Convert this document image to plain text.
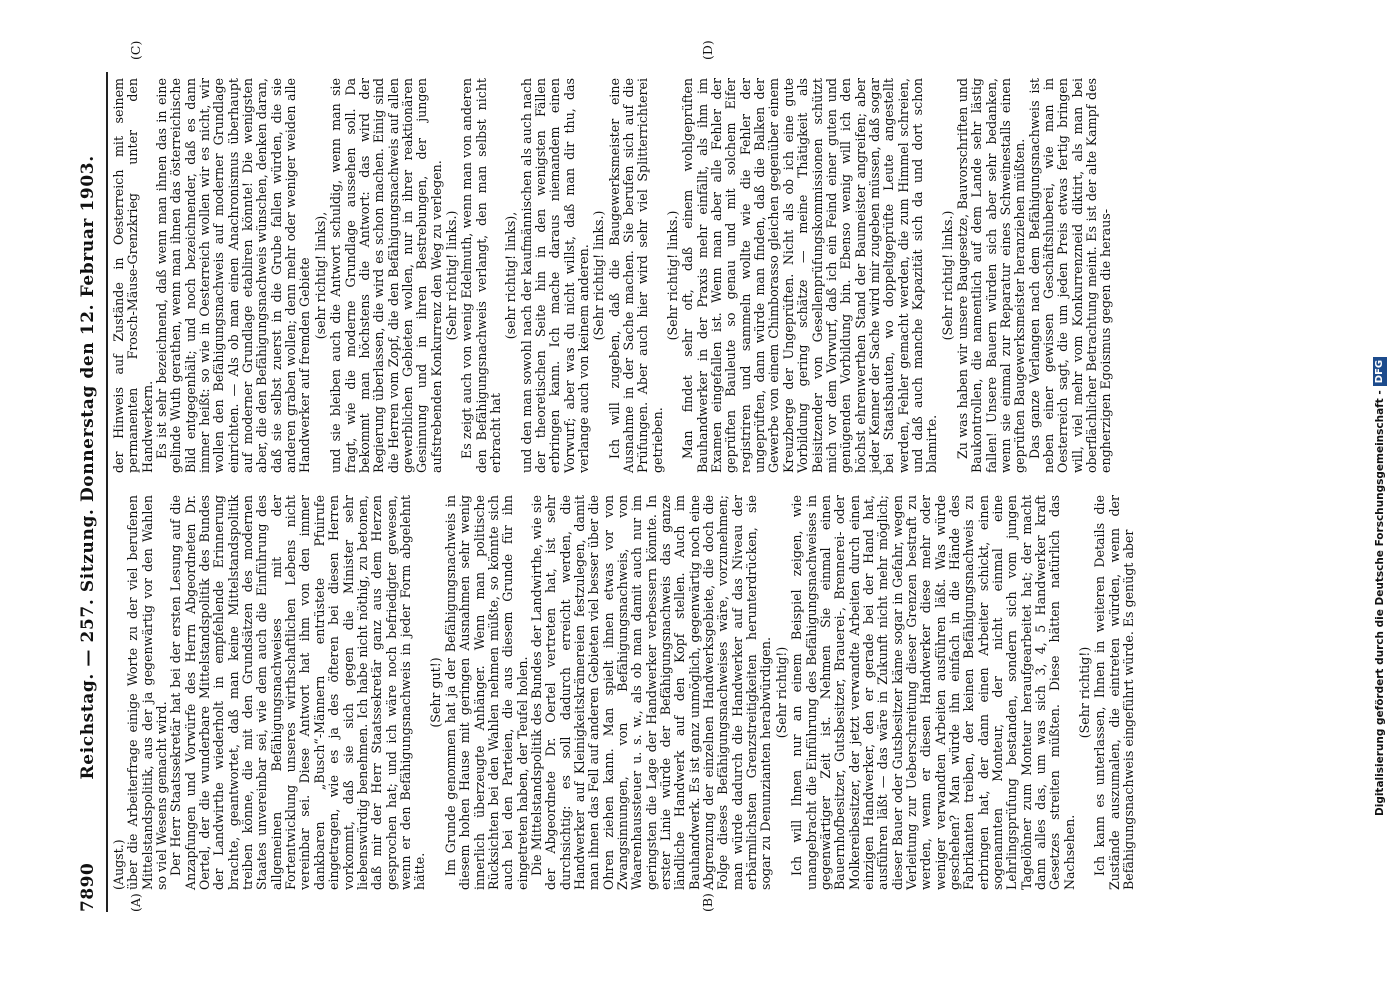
7890
Reichstag. — 257. Sitzung. Donnerstag den 12. Februar 1903.
(A)	(B)
(C)	(D)

(Augst.) über die Arbeiterfrage einige Worte zu der viel berufenen Mittelstandspolitik, aus der ja gegenwärtig vor den Wahlen so viel Wesens gemacht wird. Der Herr Staatssekretär hat bei der ersten Lesung auf die Anzapfungen und Vorwürfe des Herrn Abgeordneten Dr. Oertel, der die wunderbare Mittelstandspolitik des Bundes der Landwirthe wiederholt in empfehlende Erinnerung brachte, geantwortet, daß man keine Mittelstandspolitik treiben könne, die mit den Grundsätzen des modernen Staates unvereinbar sei, wie dem auch die Einführung des allgemeinen Befähigungsnachweises mit der Fortentwicklung unseres wirthschaftlichen Lebens nicht vereinbar sei. Diese Antwort hat ihm von den immer dankbaren „Busch“-Männern entrüstete Pfuirufe eingetragen, wie es ja des öfteren bei diesen Herren vorkommt, daß sie sich gegen die Minister sehr liebenswürdig benehmen. Ich habe nicht nöthig, zu betonen, daß mir der Herr Staatssekretär ganz aus dem Herzen gesprochen hat; und ich wäre noch befriedigter gewesen, wenn er den Befähigungsnachweis in jeder Form abgelehnt hätte.

(Sehr gut!) Im Grunde genommen hat ja der Befähigungsnachweis in diesem hohen Hause mit geringen Ausnahmen sehr wenig innerlich überzeugte Anhänger. Wenn man politische Rücksichten bei den Wahlen nehmen müßte, so könnte sich auch bei den Parteien, die aus diesem Grunde für ihn eingetreten haben, der Teufel holen. Die Mittelstandspolitik des Bundes der Landwirthe, wie sie der Abgeordnete Dr. Oertel vertreten hat, ist sehr durchsichtig: es soll dadurch erreicht werden, die Handwerker auf Kleinigkeitskrämereien festzulegen, damit man ihnen das Fell auf anderen Gebieten viel besser über die Ohren ziehen kann. Man spielt ihnen etwas vor von Zwangsinnungen, von Befähigungsnachweis, von Waarenhaussteuer u. s. w., als ob man damit auch nur im geringsten die Lage der Handwerker verbessern könnte. In erster Linie würde der Befähigungsnachweis das ganze ländliche Handwerk auf den Kopf stellen. Auch im Bauhandwerk. Es ist ganz unmöglich, gegenwärtig noch eine Abgrenzung der einzelnen Handwerksgebiete, die doch die Folge dieses Befähigungsnachweises wäre, vorzunehmen; man würde dadurch die Handwerker auf das Niveau der erbärmlichsten Grenzstreitigkeiten herunterdrücken, sie sogar zu Denunzianten herabwürdigen. (Sehr richtig!) Ich will Ihnen nur an einem Beispiel zeigen, wie unangebracht die Einführung des Befähigungsnachweises in gegenwärtiger Zeit ist. Nehmen Sie einmal einen Bauernhofbesitzer, Gutsbesitzer, Brauerei-, Brennerei- oder Molkereibesitzer, der jetzt verwandte Arbeiten durch einen einzigen Handwerker, den er gerade bei der Hand hat, ausführen läßt — das wäre in Zukunft nicht mehr möglich; dieser Bauer oder Gutsbesitzer käme sogar in Gefahr, wegen Verleitung zur Ueberschreitung dieser Grenzen bestraft zu werden, wenn er diesen Handwerker diese mehr oder weniger verwandten Arbeiten ausführen läßt. Was würde geschehen? Man würde ihn einfach in die Hände des Fabrikanten treiben, der keinen Befähigungsnachweis zu erbringen hat, der dann einen Arbeiter schickt, einen sogenannten Monteur, der nicht einmal eine Lehrlingsprüfung bestanden, sondern sich vom jungen Tagelöhner zum Monteur heraufgearbeitet hat; der macht dann alles das, um was sich 3, 4, 5 Handwerker kraft Gesetzes streiten müßten. Diese hätten natürlich das Nachsehen.

(Sehr richtig!) Ich kann es unterlassen, Ihnen in weiteren Details die Zustände auszumalen, die eintreten würden, wenn der Befähigungsnachweis eingeführt würde. Es genügt aber

der Hinweis auf Zustände in Oesterreich mit seinem permanenten Frosch-Mäuse-Grenzkrieg unter den Handwerkern. Es ist sehr bezeichnend, daß wenn man ihnen das in eine gelinde Wuth gerathen, wenn man ihnen das österreichische Bild entgegenhält; und noch bezeichnender, daß es dann immer heißt: so wie in Oesterreich wollen wir es nicht, wir wollen den Befähigungsnachweis auf moderner Grundlage einrichten. — Als ob man einen Anachronismus überhaupt auf moderner Grundlage etabliren könnte! Die wenigsten aber, die den Befähigungsnachweis wünschen, denken daran, daß sie selbst zuerst in die Grube fallen würden, die sie anderen graben wollen; denn mehr oder weniger weiden alle Handwerker auf fremden Gebiete (sehr richtig! links), und sie bleiben auch die Antwort schuldig, wenn man sie fragt, wie die moderne Grundlage aussehen soll. Da bekommt man höchstens die Antwort: das wird der Regierung überlassen, die wird es schon machen. Einig sind die Herren vom Zopf, die den Befähigungsnachweis auf allen gewerblichen Gebieten wollen, nur in ihrer reaktionären Gesinnung und in ihren Bestrebungen, der jungen aufstrebenden Konkurrenz den Weg zu verlegen. (Sehr richtig! links.) Es zeigt auch von wenig Edelmuth, wenn man von anderen den Befähigungsnachweis verlangt, den man selbst nicht erbracht hat

(sehr richtig! links), und den man sowohl nach der kaufmännischen als auch nach der theoretischen Seite hin in den wenigsten Fällen erbringen kann. Ich mache daraus niemandem einen Vorwurf; aber was du nicht willst, daß man dir thu, das verlange auch von keinem anderen. (Sehr richtig! links.) Ich will zugeben, daß die Baugewerksmeister eine Ausnahme in der Sache machen. Sie berufen sich auf die Prüfungen. Aber auch hier wird sehr viel Splitterrichterei getrieben.

(Sehr richtig! links.) Man findet sehr oft, daß einem wohlgeprüften Bauhandwerker in der Praxis mehr einfällt, als ihm im Examen eingefallen ist. Wenn man aber alle Fehler der geprüften Bauleute so genau und mit solchem Eifer registriren und sammeln wollte wie die Fehler der ungeprüften, dann würde man finden, daß die Balken der Gewerbe von einem Chimborasso gleichen gegenüber einem Kreuzberge der Ungeprüften. Nicht als ob ich eine gute Vorbildung gering schätze — meine Thätigkeit als Beisitzender von Gesellenprüfungskommissionen schützt mich vor dem Vorwurf, daß ich ein Feind einer guten und genügenden Vorbildung bin. Ebenso wenig will ich den höchst ehrenwerthen Stand der Baumeister angreifen; aber jeder Kenner der Sache wird mir zugeben müssen, daß sogar bei Staatsbauten, wo doppeltgeprüfte Leute angestellt werden, Fehler gemacht werden, die zum Himmel schreien, und daß auch manche Kapazität sich da und dort schon blamirte.

(Sehr richtig! links.) Zu was haben wir unsere Baugesetze, Bauvorschriften und Baukontrollen, die namentlich auf dem Lande sehr lästig fallen! Unsere Bauern würden sich aber sehr bedanken, wenn sie einmal zur Reparatur eines Schweinestalls einen geprüften Baugewerksmeister heranziehen müßten. Das ganze Verlangen nach dem Befähigungsnachweis ist neben einer gewissen Geschäftshuberei, wie man in Oesterreich sagt, die um jeden Preis etwas fertig bringen will, viel mehr vom Konkurrenzneid diktirt, als man bei oberflächlicher Betrachtung meint. Es ist der alte Kampf des engherzigen Egoismus gegen die heraus-

Digitalisierung gefördert durch die Deutsche Forschungsgemeinschaft -
DFG
